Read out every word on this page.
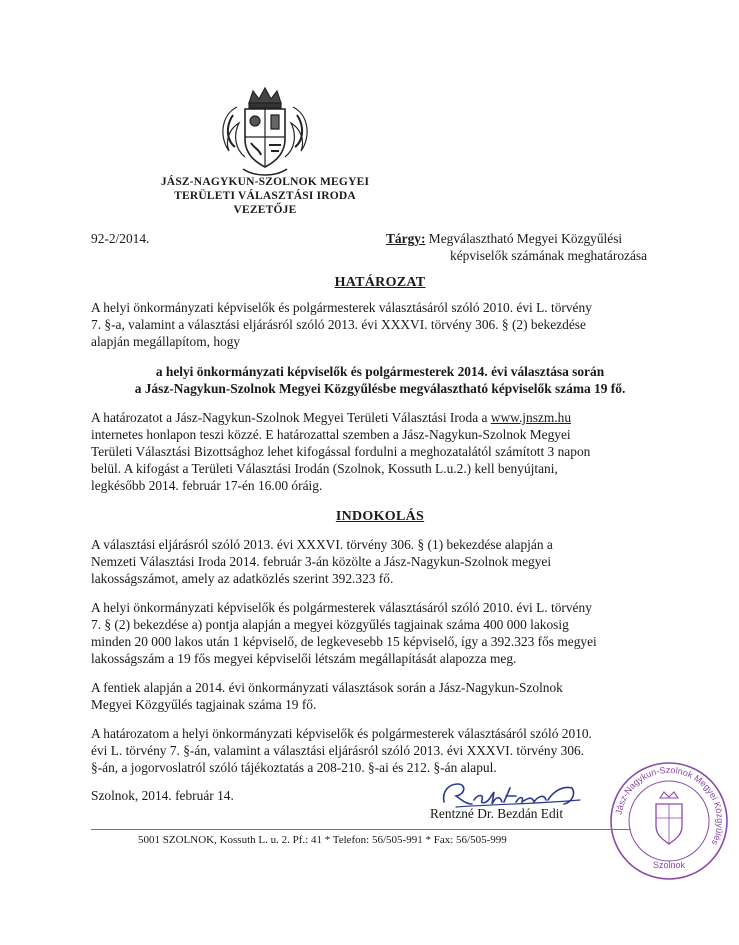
JÁSZ-NAGYKUN-SZOLNOK MEGYEI
TERÜLETI VÁLASZTÁSI IRODA
VEZETŐJE
92-2/2014.	Tárgy: Megválasztható Megyei Közgyűlési
képviselők számának meghatározása
HATÁROZAT
A helyi önkormányzati képviselők és polgármesterek választásáról szóló 2010. évi L. törvény
7. §-a, valamint a választási eljárásról szóló 2013. évi XXXVI. törvény 306. § (2) bekezdése
alapján megállapítom, hogy
a helyi önkormányzati képviselők és polgármesterek 2014. évi választása során
a Jász-Nagykun-Szolnok Megyei Közgyűlésbe megválasztható képviselők száma 19 fő.
A határozatot a Jász-Nagykun-Szolnok Megyei Területi Választási Iroda a www.jnszm.hu
internetes honlapon teszi közzé. E határozattal szemben a Jász-Nagykun-Szolnok Megyei
Területi Választási Bizottsághoz lehet kifogással fordulni a meghozatalától számított 3 napon
belül. A kifogást a Területi Választási Irodán (Szolnok, Kossuth L.u.2.) kell benyújtani,
legkésőbb 2014. február 17-én 16.00 óráig.
INDOKOLÁS
A választási eljárásról szóló 2013. évi XXXVI. törvény 306. § (1) bekezdése alapján a
Nemzeti Választási Iroda 2014. február 3-án közölte a Jász-Nagykun-Szolnok megyei
lakosságszámot, amely az adatközlés szerint 392.323 fő.
A helyi önkormányzati képviselők és polgármesterek választásáról szóló 2010. évi L. törvény
7. § (2) bekezdése a) pontja alapján a megyei közgyűlés tagjainak száma 400 000 lakosig
minden 20 000 lakos után 1 képviselő, de legkevesebb 15 képviselő, így a 392.323 fős megyei
lakosságszám a 19 fős megyei képviselői létszám megállapítását alapozza meg.
A fentiek alapján a 2014. évi önkormányzati választások során a Jász-Nagykun-Szolnok
Megyei Közgyűlés tagjainak száma 19 fő.
A határozatom a helyi önkormányzati képviselők és polgármesterek választásáról szóló 2010.
évi L. törvény 7. §-án, valamint a választási eljárásról szóló 2013. évi XXXVI. törvény 306.
§-án, a jogorvoslatról szóló tájékoztatás a 208-210. §-ai és 212. §-án alapul.
Szolnok, 2014. február 14.
Rentzné Dr. Bezdán Edit	Jász-Nagykun-Szolnok Megyei Közgyűlés
Szolnok
5001 SZOLNOK, Kossuth L. u. 2. Pf.: 41 * Telefon: 56/505-991 * Fax: 56/505-999
